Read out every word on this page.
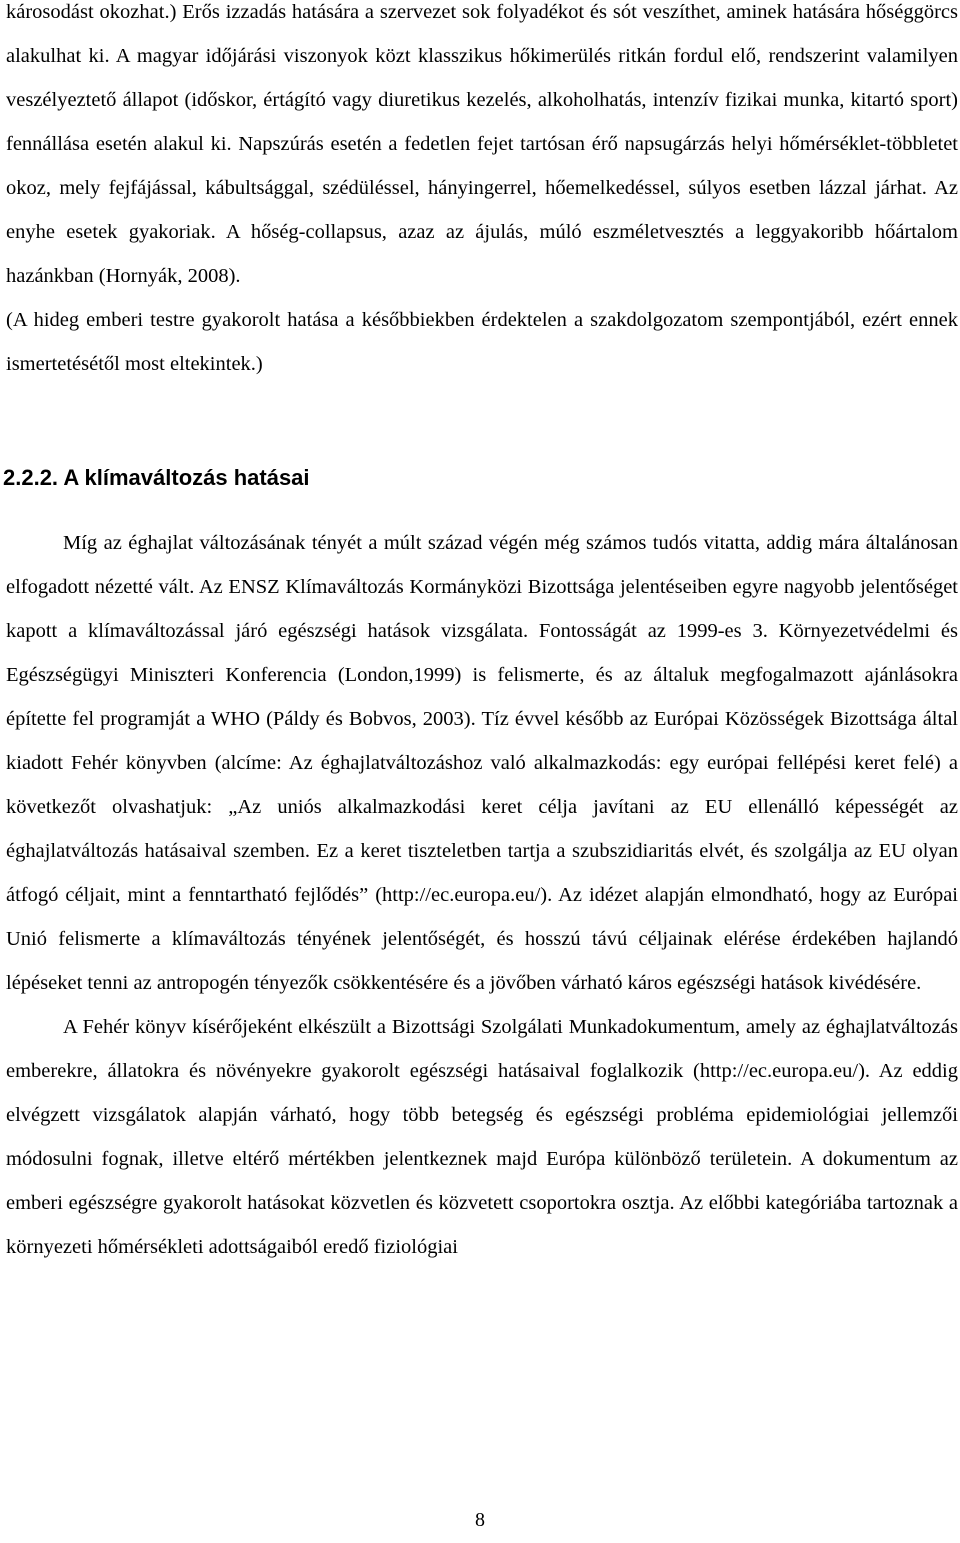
károsodást okozhat.) Erős izzadás hatására a szervezet sok folyadékot és sót veszíthet, aminek hatására hőséggörcs alakulhat ki. A magyar időjárási viszonyok közt klasszikus hőkimerülés ritkán fordul elő, rendszerint valamilyen veszélyeztető állapot (időskor, értágító vagy diuretikus kezelés, alkoholhatás, intenzív fizikai munka, kitartó sport) fennállása esetén alakul ki. Napszúrás esetén a fedetlen fejet tartósan érő napsugárzás helyi hőmérséklet-többletet okoz, mely fejfájással, kábultsággal, szédüléssel, hányingerrel, hőemelkedéssel, súlyos esetben lázzal járhat. Az enyhe esetek gyakoriak. A hőség-collapsus, azaz az ájulás, múló eszméletvesztés a leggyakoribb hőártalom hazánkban (Hornyák, 2008).

(A hideg emberi testre gyakorolt hatása a későbbiekben érdektelen a szakdolgozatom szempontjából, ezért ennek ismertetésétől most eltekintek.)

2.2.2. A klímaváltozás hatásai

Míg az éghajlat változásának tényét a múlt század végén még számos tudós vitatta, addig mára általánosan elfogadott nézetté vált. Az ENSZ Klímaváltozás Kormányközi Bizottsága jelentéseiben egyre nagyobb jelentőséget kapott a klímaváltozással járó egészségi hatások vizsgálata. Fontosságát az 1999-es 3. Környezetvédelmi és Egészségügyi Miniszteri Konferencia (London,1999) is felismerte, és az általuk megfogalmazott ajánlásokra építette fel programját a WHO (Páldy és Bobvos, 2003). Tíz évvel később az Európai Közösségek Bizottsága által kiadott Fehér könyvben (alcíme: Az éghajlatváltozáshoz való alkalmazkodás: egy európai fellépési keret felé) a következőt olvashatjuk: „Az uniós alkalmazkodási keret célja javítani az EU ellenálló képességét az éghajlatváltozás hatásaival szemben. Ez a keret tiszteletben tartja a szubszidiaritás elvét, és szolgálja az EU olyan átfogó céljait, mint a fenntartható fejlődés” (http://ec.europa.eu/). Az idézet alapján elmondható, hogy az Európai Unió felismerte a klímaváltozás tényének jelentőségét, és hosszú távú céljainak elérése érdekében hajlandó lépéseket tenni az antropogén tényezők csökkentésére és a jövőben várható káros egészségi hatások kivédésére.

A Fehér könyv kísérőjeként elkészült a Bizottsági Szolgálati Munkadokumentum, amely az éghajlatváltozás emberekre, állatokra és növényekre gyakorolt egészségi hatásaival foglalkozik (http://ec.europa.eu/). Az eddig elvégzett vizsgálatok alapján várható, hogy több betegség és egészségi probléma epidemiológiai jellemzői módosulni fognak, illetve eltérő mértékben jelentkeznek majd Európa különböző területein. A dokumentum az emberi egészségre gyakorolt hatásokat közvetlen és közvetett csoportokra osztja. Az előbbi kategóriába tartoznak a környezeti hőmérsékleti adottságaiból eredő fiziológiai

8
